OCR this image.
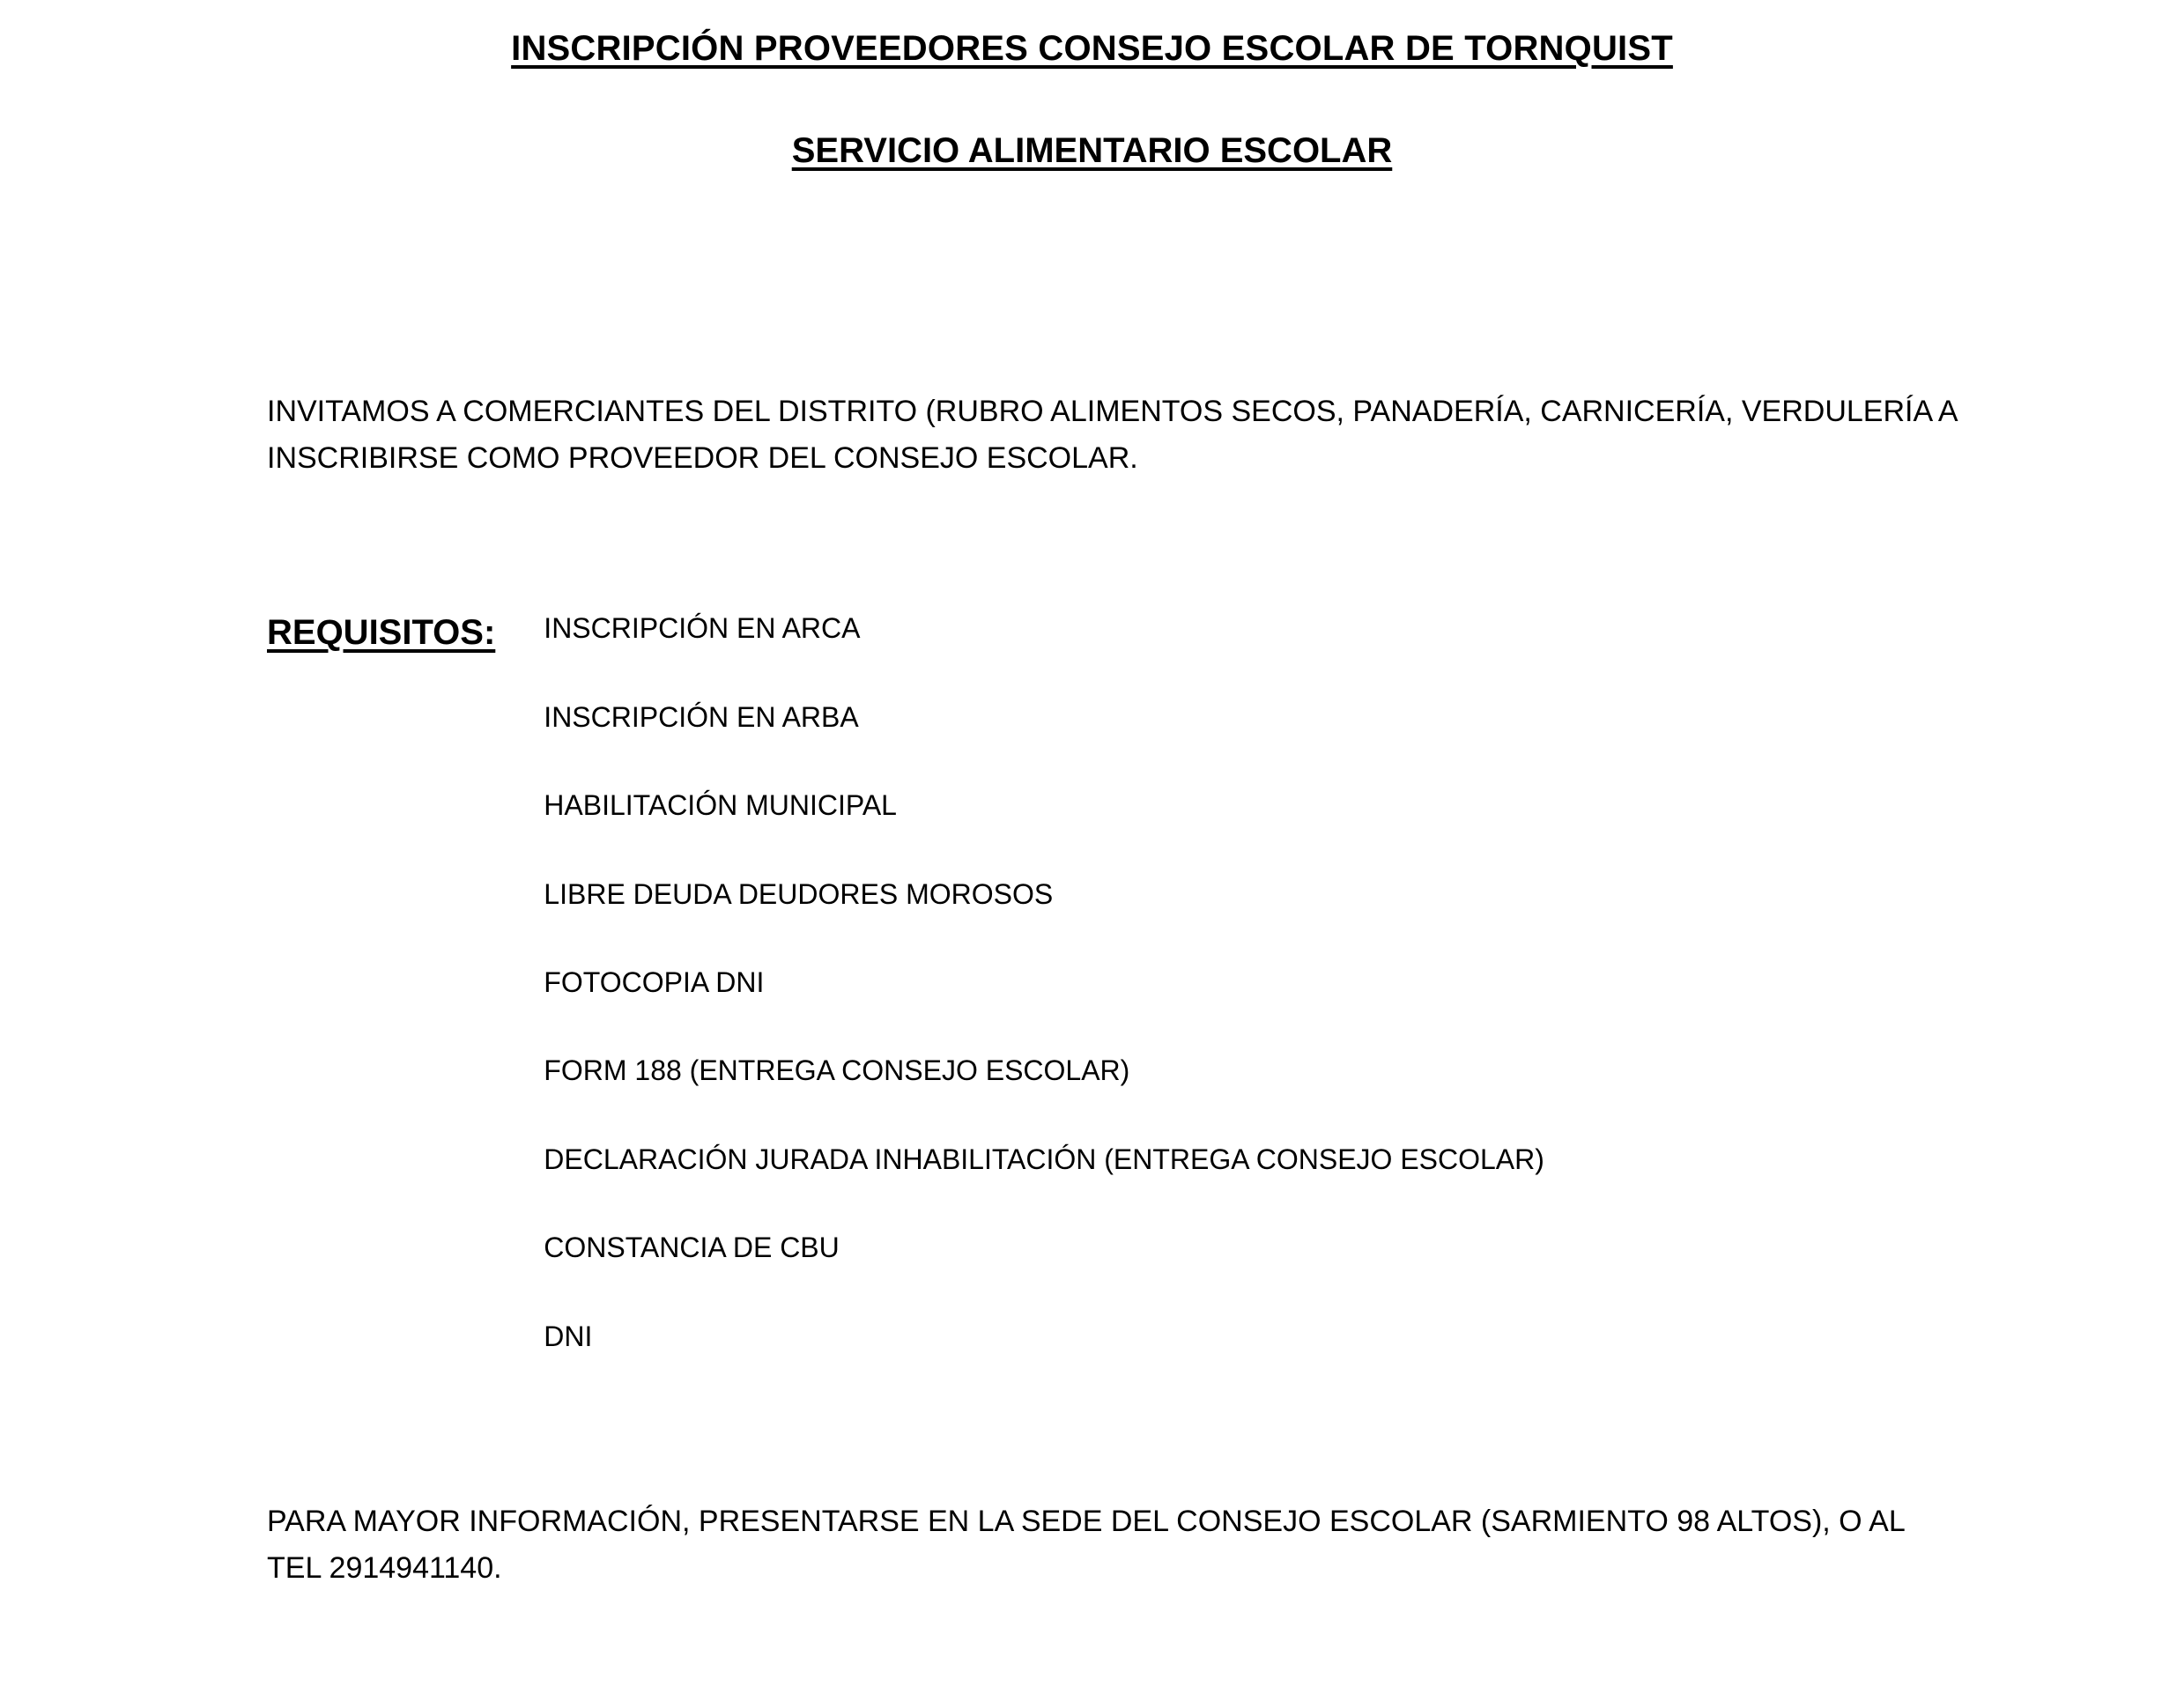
INSCRIPCIÓN PROVEEDORES CONSEJO ESCOLAR DE TORNQUIST
SERVICIO ALIMENTARIO ESCOLAR

INVITAMOS A COMERCIANTES DEL DISTRITO (RUBRO ALIMENTOS SECOS, PANADERÍA, CARNICERÍA, VERDULERÍA A INSCRIBIRSE COMO PROVEEDOR DEL CONSEJO ESCOLAR.

REQUISITOS: INSCRIPCIÓN EN ARCA
INSCRIPCIÓN EN ARBA
HABILITACIÓN MUNICIPAL
LIBRE DEUDA DEUDORES MOROSOS
FOTOCOPIA DNI
FORM 188 (ENTREGA CONSEJO ESCOLAR)
DECLARACIÓN JURADA INHABILITACIÓN (ENTREGA CONSEJO ESCOLAR)
CONSTANCIA DE CBU
DNI

PARA MAYOR INFORMACIÓN, PRESENTARSE EN LA SEDE DEL CONSEJO ESCOLAR (SARMIENTO 98 ALTOS), O AL TEL 2914941140.
